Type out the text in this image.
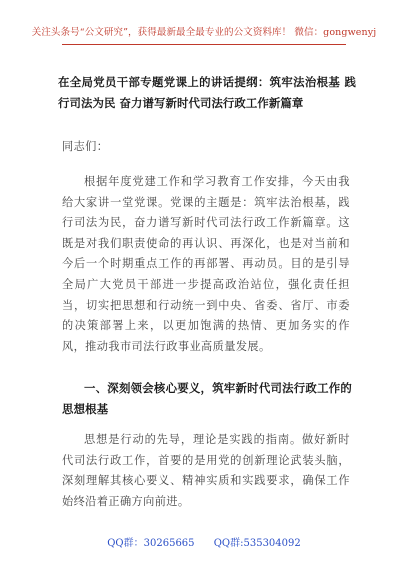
关注头条号“公文研究”，获得最新最全最专业的公文资料库！ 微信：gongwenyj
在全局党员干部专题党课上的讲话提纲：筑牢法治根基 践行司法为民 奋力谱写新时代司法行政工作新篇章
同志们：
根据年度党建工作和学习教育工作安排，今天由我给大家讲一堂党课。党课的主题是：筑牢法治根基，践行司法为民，奋力谱写新时代司法行政工作新篇章。这既是对我们职责使命的再认识、再深化，也是对当前和今后一个时期重点工作的再部署、再动员。目的是引导全局广大党员干部进一步提高政治站位，强化责任担当，切实把思想和行动统一到中央、省委、省厅、市委的决策部署上来，以更加饱满的热情、更加务实的作风，推动我市司法行政事业高质量发展。
一、深刻领会核心要义，筑牢新时代司法行政工作的思想根基
思想是行动的先导，理论是实践的指南。做好新时代司法行政工作，首要的是用党的创新理论武装头脑，深刻理解其核心要义、精神实质和实践要求，确保工作始终沿着正确方向前进。
QQ群：30265665 QQ群:535304092
